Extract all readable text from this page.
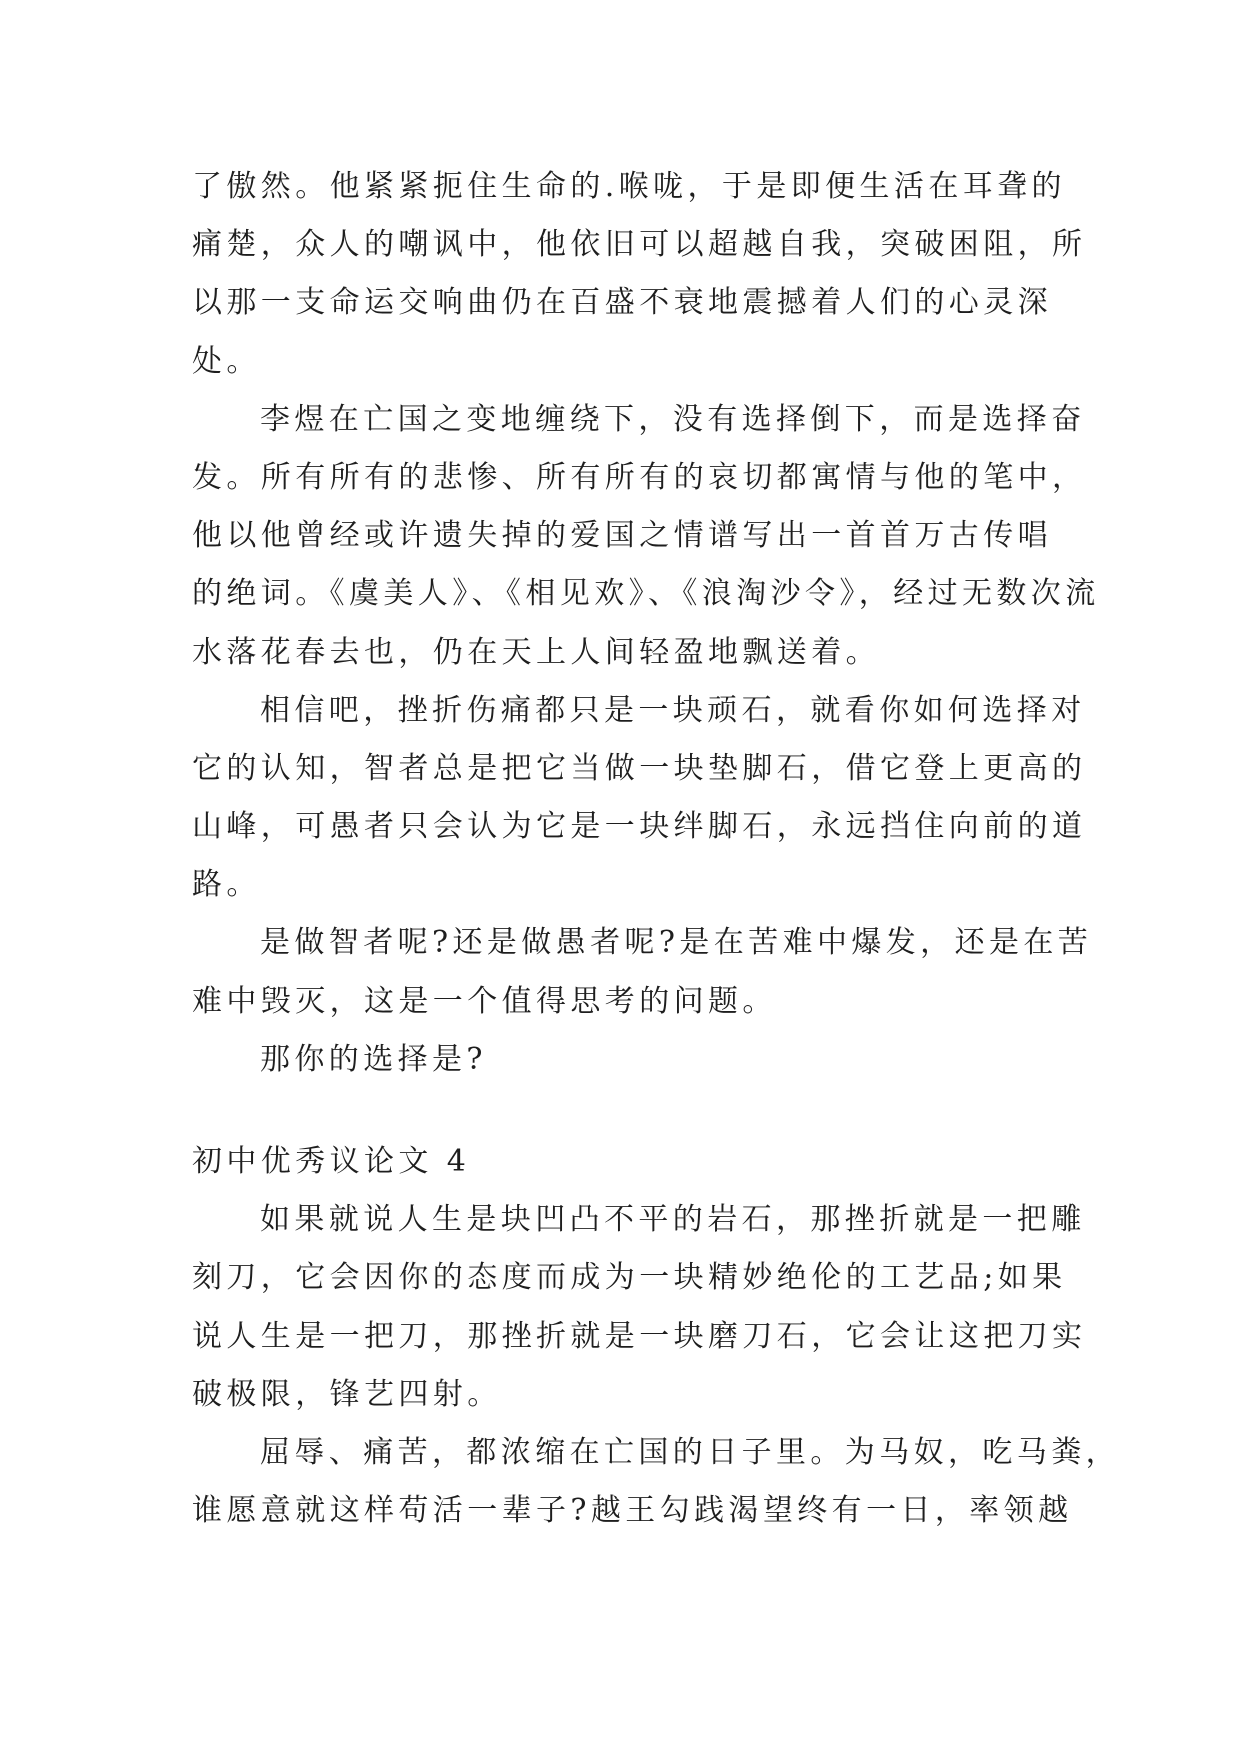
了傲然。他紧紧扼住生命的.喉咙，于是即便生活在耳聋的
痛楚，众人的嘲讽中，他依旧可以超越自我，突破困阻，所
以那一支命运交响曲仍在百盛不衰地震撼着人们的心灵深
处。
李煜在亡国之变地缠绕下，没有选择倒下，而是选择奋
发。所有所有的悲惨、所有所有的哀切都寓情与他的笔中，
他以他曾经或许遗失掉的爱国之情谱写出一首首万古传唱
的绝词。《虞美人》、《相见欢》、《浪淘沙令》，经过无数次流
水落花春去也，仍在天上人间轻盈地飘送着。
相信吧，挫折伤痛都只是一块顽石，就看你如何选择对
它的认知，智者总是把它当做一块垫脚石，借它登上更高的
山峰，可愚者只会认为它是一块绊脚石，永远挡住向前的道
路。
是做智者呢?还是做愚者呢?是在苦难中爆发，还是在苦
难中毁灭，这是一个值得思考的问题。
那你的选择是?
初中优秀议论文 4
如果就说人生是块凹凸不平的岩石，那挫折就是一把雕
刻刀，它会因你的态度而成为一块精妙绝伦的工艺品;如果
说人生是一把刀，那挫折就是一块磨刀石，它会让这把刀实
破极限，锋艺四射。
屈辱、痛苦，都浓缩在亡国的日子里。为马奴，吃马粪，
谁愿意就这样苟活一辈子?越王勾践渴望终有一日，率领越
